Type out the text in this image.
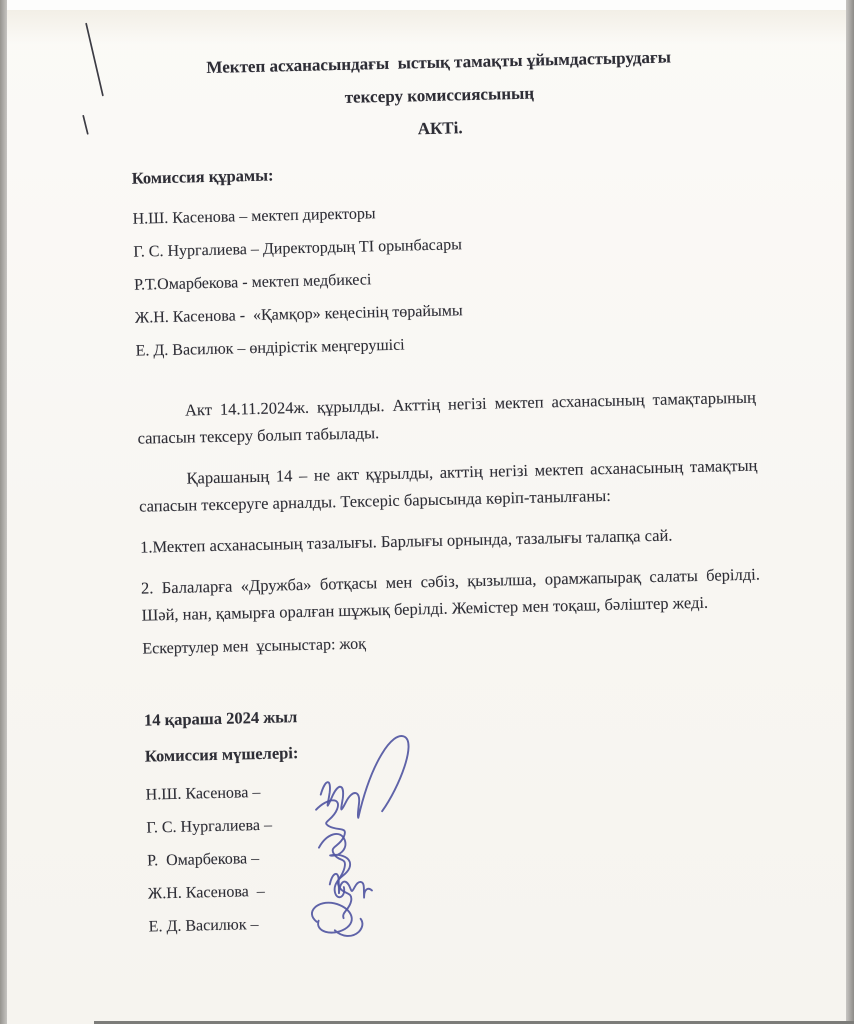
Мектеп асханасындағы  ыстық тамақты ұйымдастырудағы
тексеру комиссиясының
АКТі.

Комиссия құрамы:

Н.Ш. Касенова – мектеп директоры
Г. С. Нургалиева – Директордың ТІ орынбасары
Р.Т.Омарбекова - мектеп медбикесі
Ж.Н. Касенова -  «Қамқор» кеңесінің төрайымы
Е. Д. Василюк – өндірістік меңгерушісі

Акт 14.11.2024ж. құрылды. Акттің негізі мектеп асханасының тамақтарының сапасын тексеру болып табылады.

Қарашаның 14 – не акт құрылды, акттің негізі мектеп асханасының тамақтың сапасын тексеруге арналды. Тексеріс барысында көріп-танылғаны:

1.Мектеп асханасының тазалығы. Барлығы орнында, тазалығы талапқа сай.

2. Балаларға «Дружба» ботқасы мен сәбіз, қызылша, орамжапырақ салаты берілді. Шәй, нан, қамырға оралған шұжық берілді. Жемістер мен тоқаш, бәліштер жеді.

Ескертулер мен  ұсыныстар: жоқ

14 қараша 2024 жыл

Комиссия мүшелері:

Н.Ш. Касенова –
Г. С. Нургалиева –
Р.  Омарбекова –
Ж.Н. Касенова  –
Е. Д. Василюк –
